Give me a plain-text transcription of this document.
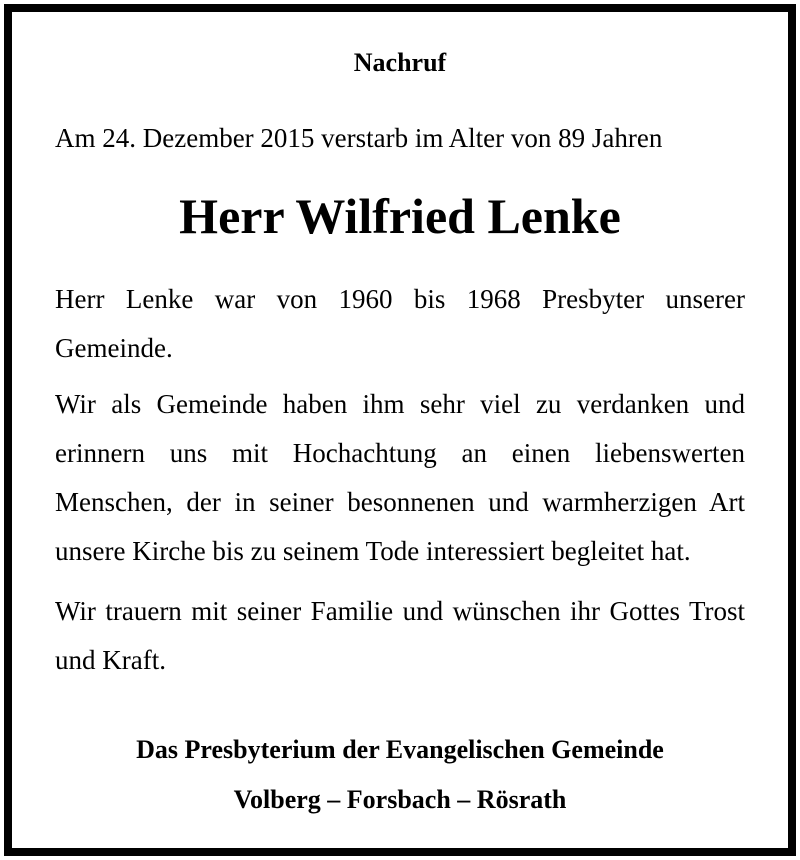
Nachruf

Am 24. Dezember 2015 verstarb im Alter von 89 Jahren

Herr Wilfried Lenke

Herr Lenke war von 1960 bis 1968 Presbyter unserer Gemeinde.

Wir als Gemeinde haben ihm sehr viel zu verdanken und erinnern uns mit Hochachtung an einen liebenswerten Menschen, der in seiner besonnenen und warmherzigen Art unsere Kirche bis zu seinem Tode interessiert begleitet hat.

Wir trauern mit seiner Familie und wünschen ihr Gottes Trost und Kraft.

Das Presbyterium der Evangelischen Gemeinde

Volberg – Forsbach – Rösrath
